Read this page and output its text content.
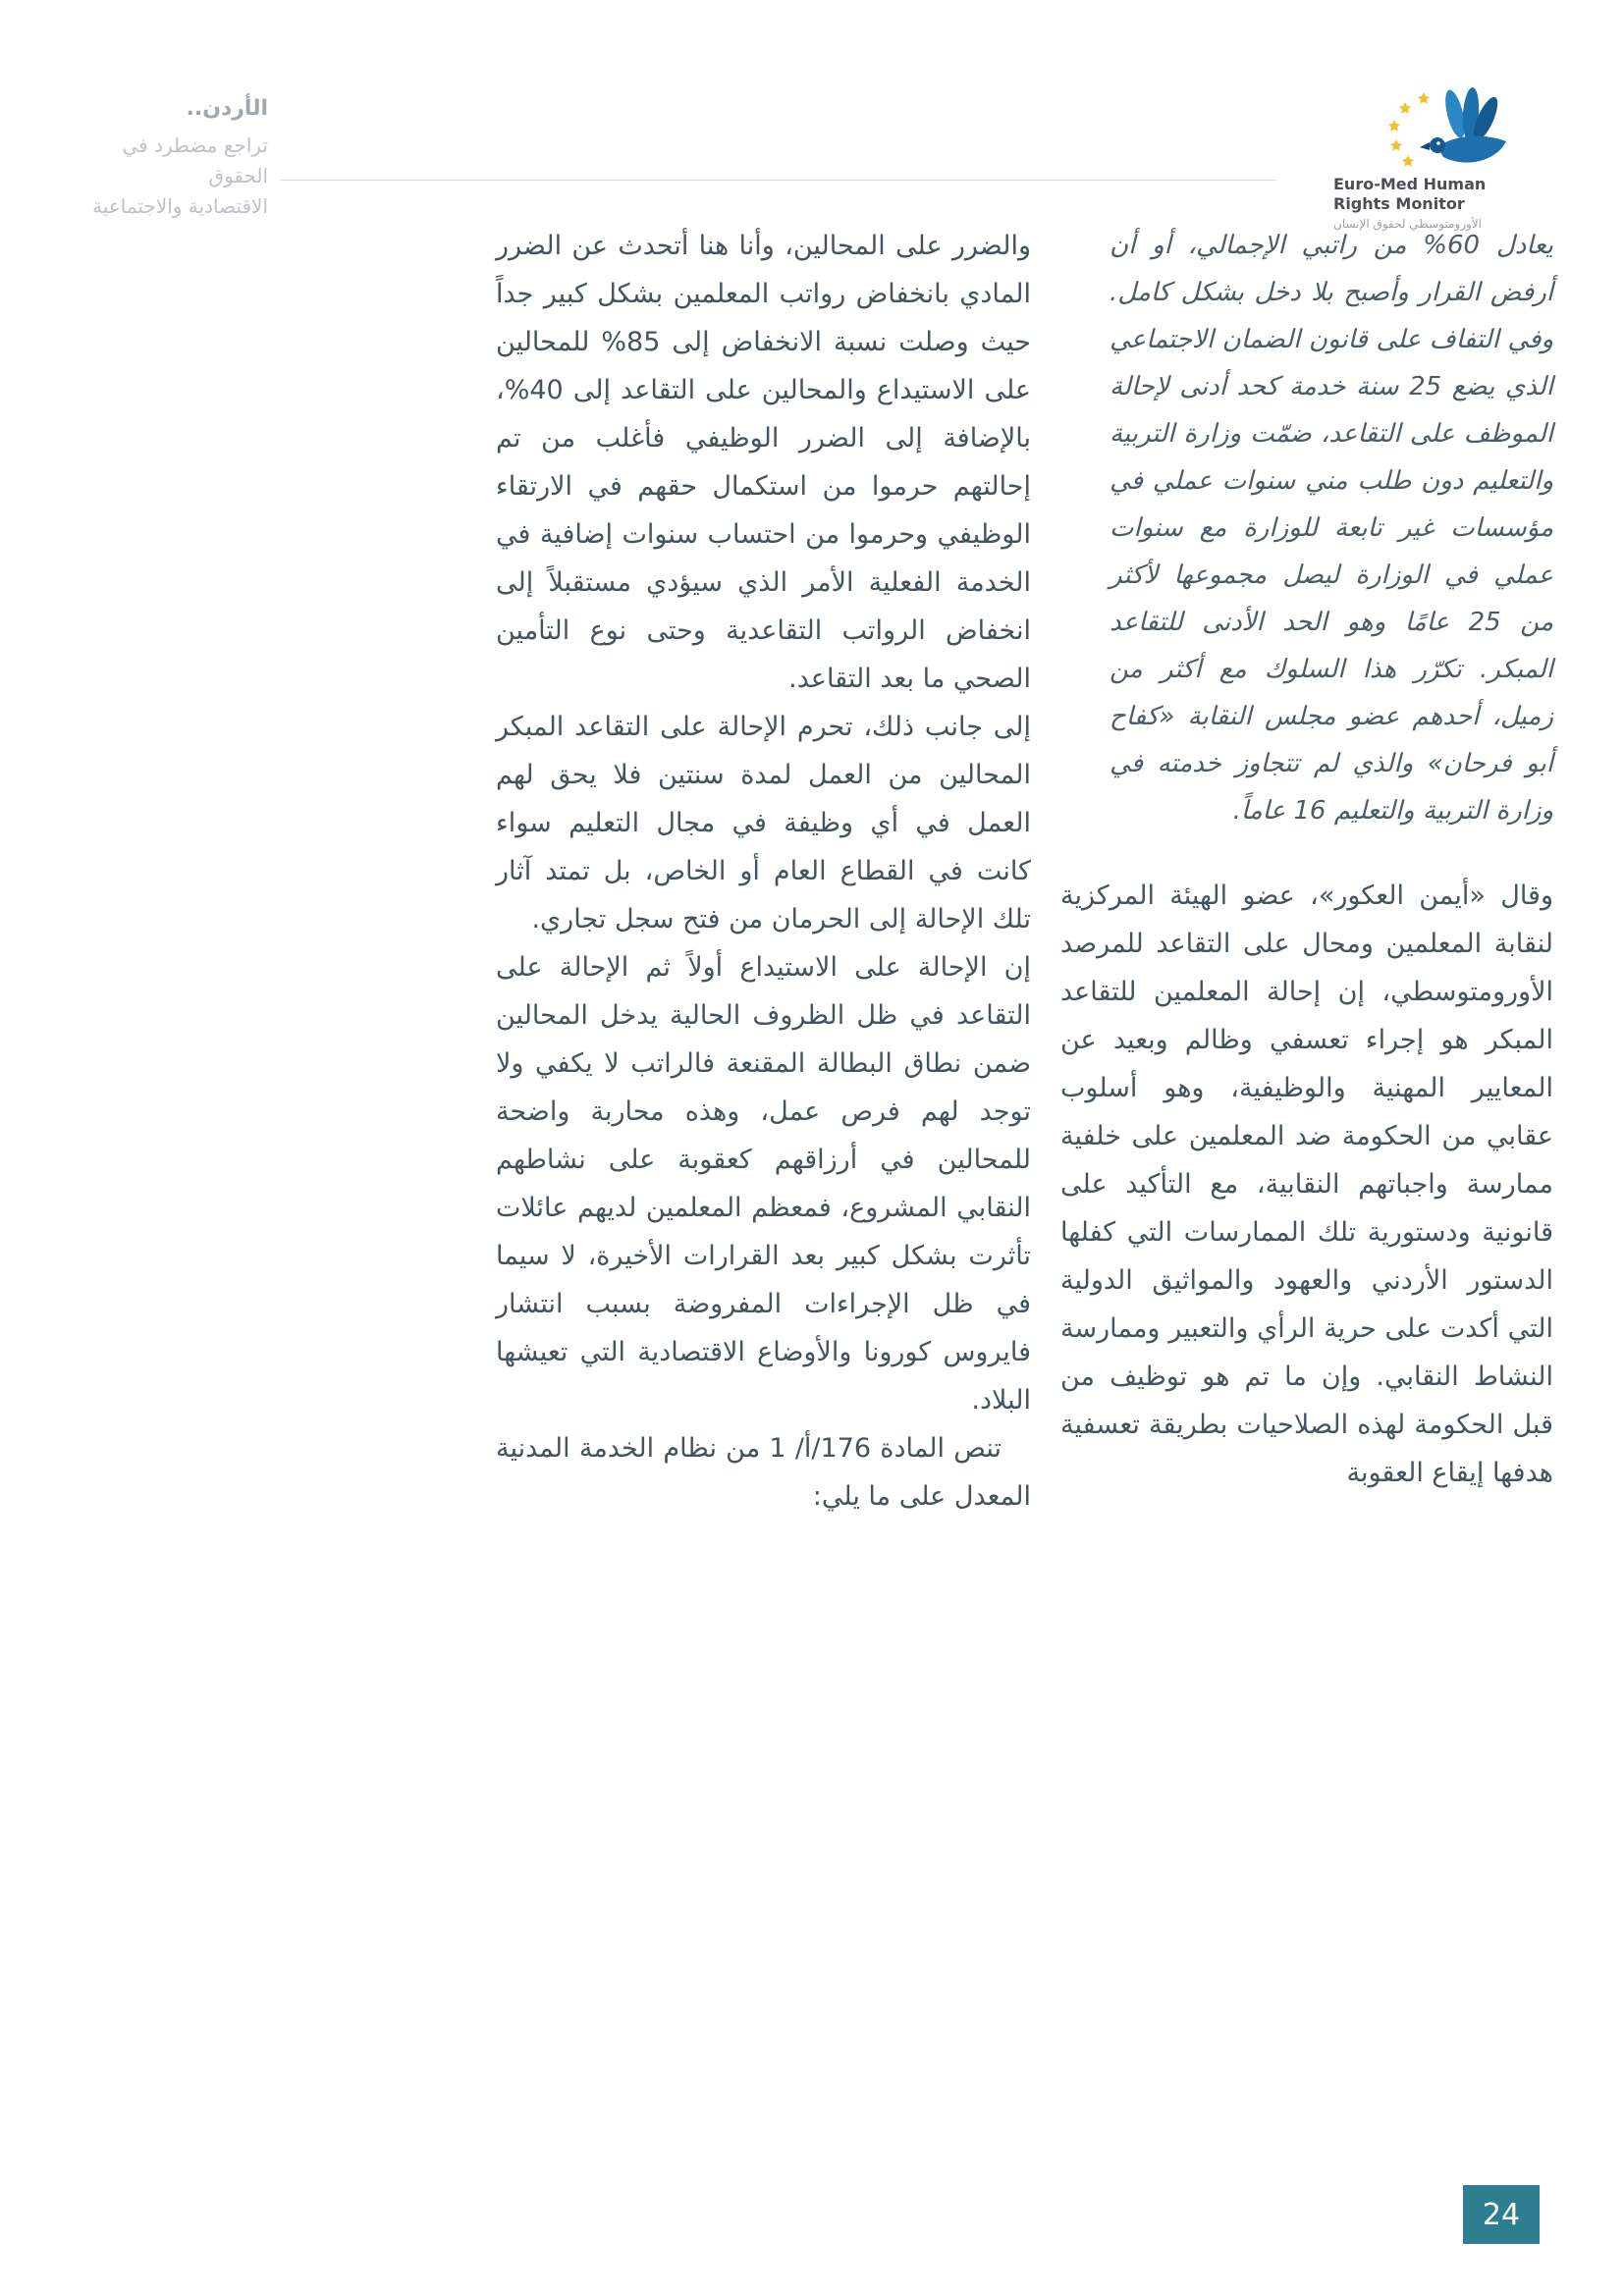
الأردن..
تراجع مضطرد في الحقوق
الاقتصادية والاجتماعية
Euro-Med Human
Rights Monitor
الأورومتوسطي لحقوق الإنسان

يعادل 60% من راتبي الإجمالي، أو أن أرفض القرار وأصبح بلا دخل بشكل كامل. وفي التفاف على قانون الضمان الاجتماعي الذي يضع 25 سنة خدمة كحد أدنى لإحالة الموظف على التقاعد، ضمّت وزارة التربية والتعليم دون طلب مني سنوات عملي في مؤسسات غير تابعة للوزارة مع سنوات عملي في الوزارة ليصل مجموعها لأكثر من 25 عامًا وهو الحد الأدنى للتقاعد المبكر. تكرّر هذا السلوك مع أكثر من زميل، أحدهم عضو مجلس النقابة «كفاح أبو فرحان» والذي لم تتجاوز خدمته في وزارة التربية والتعليم 16 عاماً.

وقال «أيمن العكور»، عضو الهيئة المركزية لنقابة المعلمين ومحال على التقاعد للمرصد الأورومتوسطي، إن إحالة المعلمين للتقاعد المبكر هو إجراء تعسفي وظالم وبعيد عن المعايير المهنية والوظيفية، وهو أسلوب عقابي من الحكومة ضد المعلمين على خلفية ممارسة واجباتهم النقابية، مع التأكيد على قانونية ودستورية تلك الممارسات التي كفلها الدستور الأردني والعهود والمواثيق الدولية التي أكدت على حرية الرأي والتعبير وممارسة النشاط النقابي. وإن ما تم هو توظيف من قبل الحكومة لهذه الصلاحيات بطريقة تعسفية هدفها إيقاع العقوبة

والضرر على المحالين، وأنا هنا أتحدث عن الضرر المادي بانخفاض رواتب المعلمين بشكل كبير جداً حيث وصلت نسبة الانخفاض إلى 85% للمحالين على الاستيداع والمحالين على التقاعد إلى 40%، بالإضافة إلى الضرر الوظيفي فأغلب من تم إحالتهم حرموا من استكمال حقهم في الارتقاء الوظيفي وحرموا من احتساب سنوات إضافية في الخدمة الفعلية الأمر الذي سيؤدي مستقبلاً إلى انخفاض الرواتب التقاعدية وحتى نوع التأمين الصحي ما بعد التقاعد.

إلى جانب ذلك، تحرم الإحالة على التقاعد المبكر المحالين من العمل لمدة سنتين فلا يحق لهم العمل في أي وظيفة في مجال التعليم سواء كانت في القطاع العام أو الخاص، بل تمتد آثار تلك الإحالة إلى الحرمان من فتح سجل تجاري.

إن الإحالة على الاستيداع أولاً ثم الإحالة على التقاعد في ظل الظروف الحالية يدخل المحالين ضمن نطاق البطالة المقنعة فالراتب لا يكفي ولا توجد لهم فرص عمل، وهذه محاربة واضحة للمحالين في أرزاقهم كعقوبة على نشاطهم النقابي المشروع، فمعظم المعلمين لديهم عائلات تأثرت بشكل كبير بعد القرارات الأخيرة، لا سيما في ظل الإجراءات المفروضة بسبب انتشار فايروس كورونا والأوضاع الاقتصادية التي تعيشها البلاد.

تنص المادة 176/أ/ 1 من نظام الخدمة المدنية المعدل على ما يلي:

24
